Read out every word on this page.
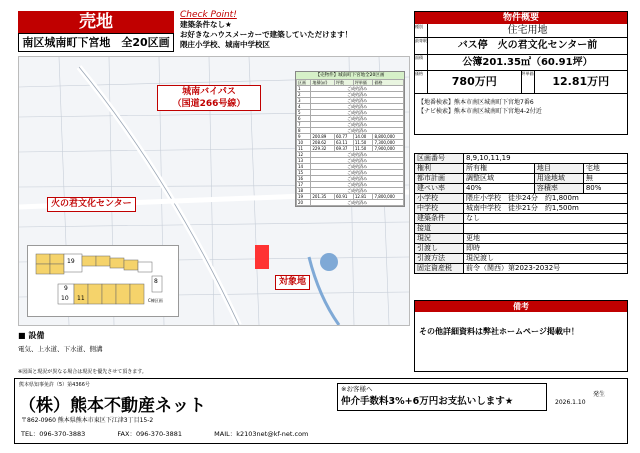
売地
南区城南町下宮地　全20区画
Check Point!
建築条件なし★
お好きなハウスメーカーで建築していただけます！
隈庄小学校、城南中学校区
城南バイパス
（国道266号線）
火の君文化センター
対象地
【売物件】城南町下宮地全20区画
区画	地積(㎡)	坪数	坪単価	価格
1	ご成約済み			
2	ご成約済み			
3	ご成約済み			
4	ご成約済み			
5	ご成約済み			
6	ご成約済み			
7	ご成約済み			
8	ご成約済み			
9	200.89	60.77	14.00	8,800,000
10	208.62	63.11	11.50	7,300,000
11	229.32	69.37	11.50	7,900,000
12	ご成約済み			
13	ご成約済み			
14	ご成約済み			
15	ご成約済み			
16	ご成約済み			
17	ご成約済み			
18	ご成約済み			
19	201.35	60.91	12.81	7,800,000
20	ご成約済み			
19
9
10 11
8
C棟区画
■ 設備
電気、上水道、下水道、側溝
※図面と現況が異なる場合は現況を優先させて頂きます。
熊本県知事免許（5）第4366号
（株）熊本不動産ネット
〒862-0960 熊本県熊本市東区下江津3丁目15-2
TEL：096-370-3883	FAX：096-370-3881	MAIL：k2103net@kf-net.com
※お客様へ
仲介手数料3%+6万円お支払いします★
発生
2026.1.10
物件概要
種別	住宅用地
最寄駅	バス停　火の君文化センター前
面積	公簿201.35㎡（60.91坪）
価格
780万円
坪単価
12.81万円
【地番検索】熊本市南区城南町下宮地7番6
【ナビ検索】熊本市南区城南町下宮地4-2付近
区画番号	8,9,10,11,19		
権利	所有権	地目	宅地
都市計画	調整区域	用途地域	無
建ぺい率	40%	容積率	80%
小学校	隈庄小学校　徒歩24分　約1,800m		
中学校	城南中学校　徒歩21分　約1,500m		
建築条件	なし		
接道			
現況	更地		
引渡し	即時		
引渡方法	現況渡し		
固定資産税	前令（関西）第2023-2032号		
備考
その他詳細資料は弊社ホームページ掲載中！
